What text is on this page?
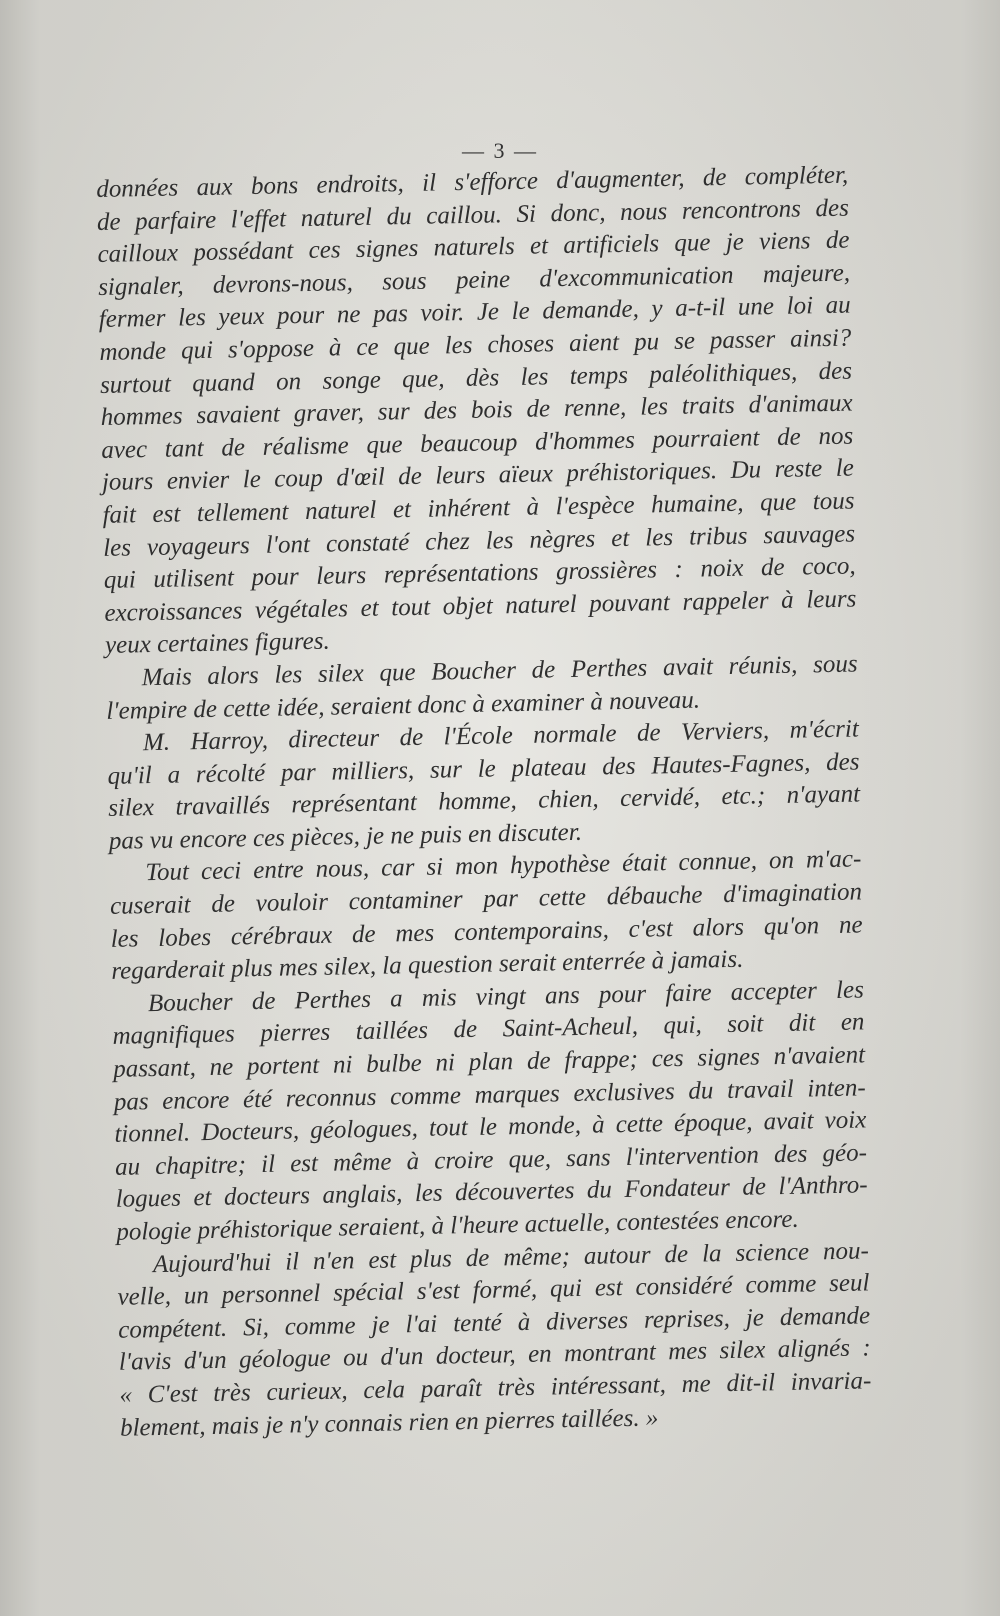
— 3 —
données aux bons endroits, il s'efforce d'augmenter, de compléter,
de parfaire l'effet naturel du caillou. Si donc, nous rencontrons des
cailloux possédant ces signes naturels et artificiels que je viens de
signaler, devrons-nous, sous peine d'excommunication majeure,
fermer les yeux pour ne pas voir. Je le demande, y a-t-il une loi au
monde qui s'oppose à ce que les choses aient pu se passer ainsi?
surtout quand on songe que, dès les temps paléolithiques, des
hommes savaient graver, sur des bois de renne, les traits d'animaux
avec tant de réalisme que beaucoup d'hommes pourraient de nos
jours envier le coup d'œil de leurs aïeux préhistoriques. Du reste le
fait est tellement naturel et inhérent à l'espèce humaine, que tous
les voyageurs l'ont constaté chez les nègres et les tribus sauvages
qui utilisent pour leurs représentations grossières : noix de coco,
excroissances végétales et tout objet naturel pouvant rappeler à leurs
yeux certaines figures.
Mais alors les silex que Boucher de Perthes avait réunis, sous
l'empire de cette idée, seraient donc à examiner à nouveau.
M. Harroy, directeur de l'École normale de Verviers, m'écrit
qu'il a récolté par milliers, sur le plateau des Hautes-Fagnes, des
silex travaillés représentant homme, chien, cervidé, etc.; n'ayant
pas vu encore ces pièces, je ne puis en discuter.
Tout ceci entre nous, car si mon hypothèse était connue, on m'ac-
cuserait de vouloir contaminer par cette débauche d'imagination
les lobes cérébraux de mes contemporains, c'est alors qu'on ne
regarderait plus mes silex, la question serait enterrée à jamais.
Boucher de Perthes a mis vingt ans pour faire accepter les
magnifiques pierres taillées de Saint-Acheul, qui, soit dit en
passant, ne portent ni bulbe ni plan de frappe; ces signes n'avaient
pas encore été reconnus comme marques exclusives du travail inten-
tionnel. Docteurs, géologues, tout le monde, à cette époque, avait voix
au chapitre; il est même à croire que, sans l'intervention des géo-
logues et docteurs anglais, les découvertes du Fondateur de l'Anthro-
pologie préhistorique seraient, à l'heure actuelle, contestées encore.
Aujourd'hui il n'en est plus de même; autour de la science nou-
velle, un personnel spécial s'est formé, qui est considéré comme seul
compétent. Si, comme je l'ai tenté à diverses reprises, je demande
l'avis d'un géologue ou d'un docteur, en montrant mes silex alignés :
« C'est très curieux, cela paraît très intéressant, me dit-il invaria-
blement, mais je n'y connais rien en pierres taillées. »
